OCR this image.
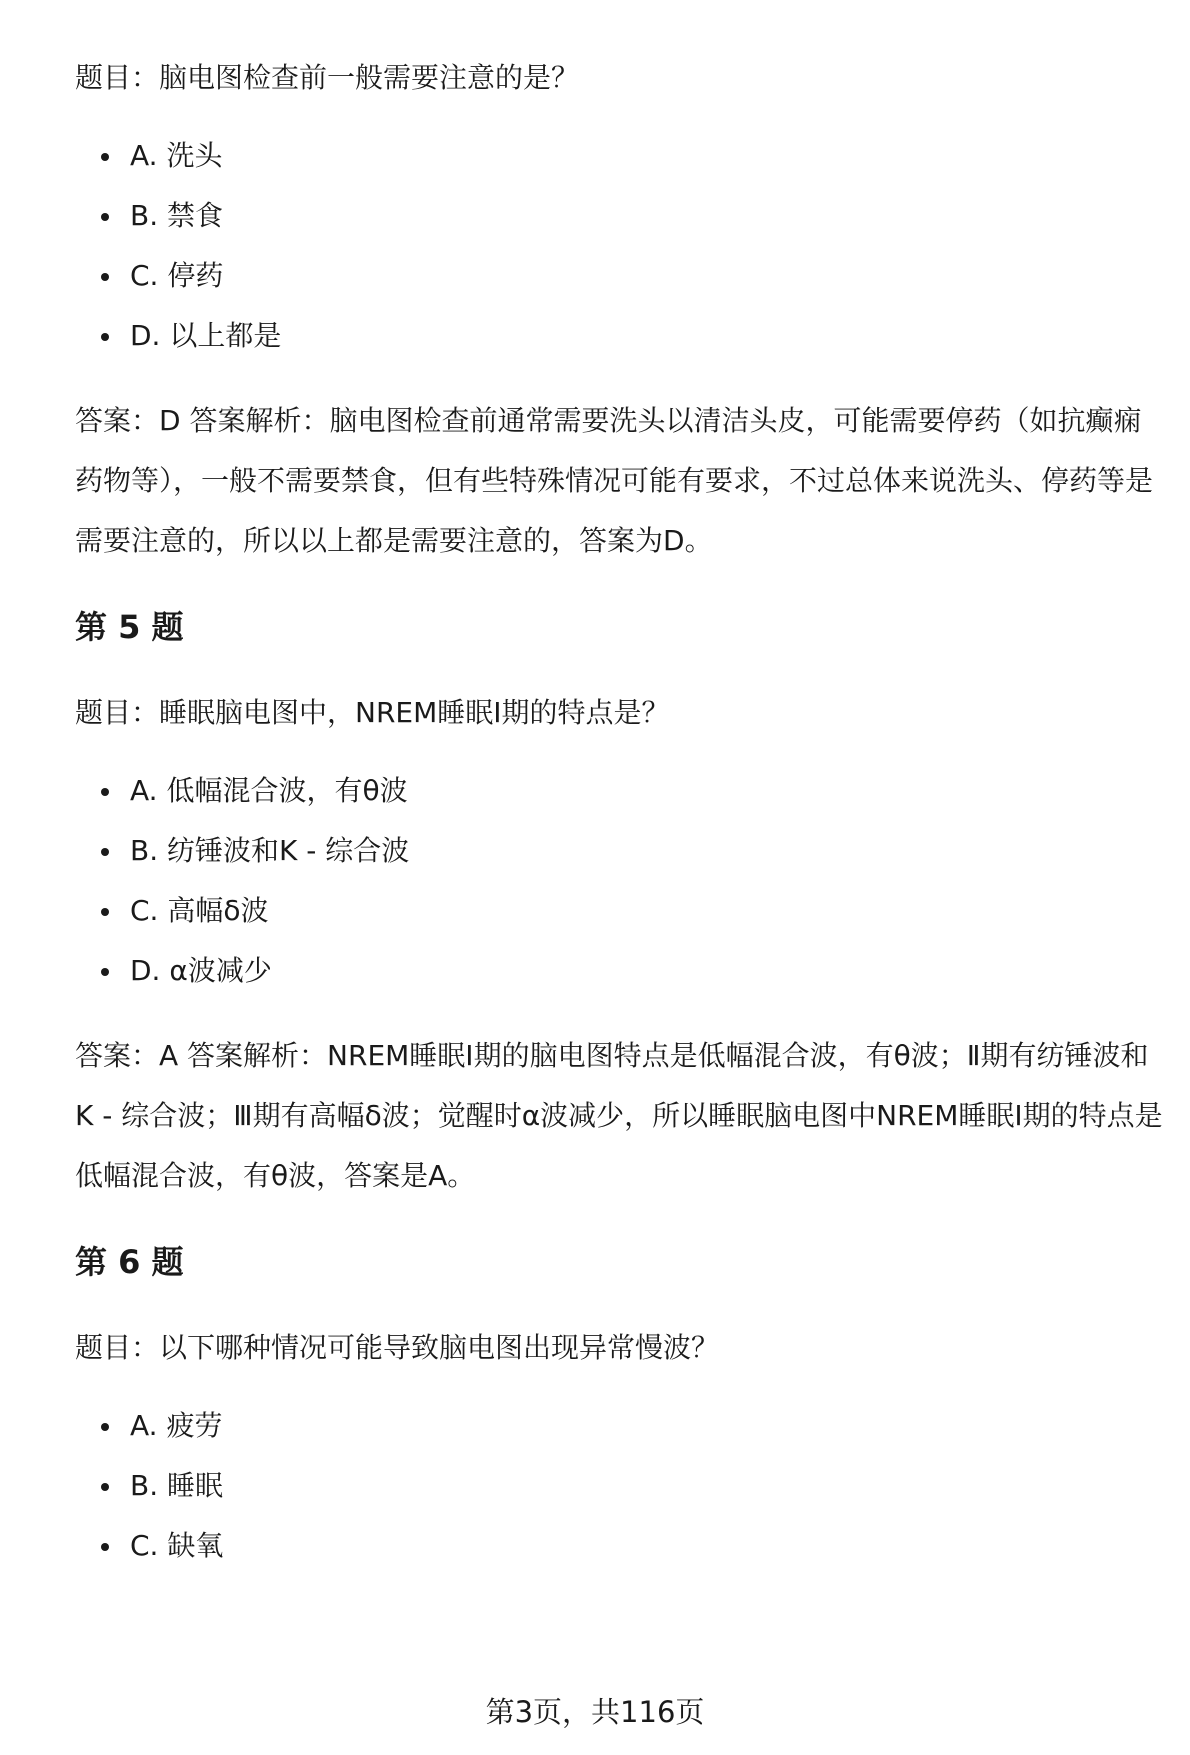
题目：脑电图检查前一般需要注意的是？

A. 洗头
B. 禁食
C. 停药
D. 以上都是

答案：D 答案解析：脑电图检查前通常需要洗头以清洁头皮，可能需要停药（如抗癫痫药物等），一般不需要禁食，但有些特殊情况可能有要求，不过总体来说洗头、停药等是需要注意的，所以以上都是需要注意的，答案为D。

第 5 题

题目：睡眠脑电图中，NREM睡眠Ⅰ期的特点是？

A. 低幅混合波，有θ波
B. 纺锤波和K - 综合波
C. 高幅δ波
D. α波减少

答案：A 答案解析：NREM睡眠Ⅰ期的脑电图特点是低幅混合波，有θ波；Ⅱ期有纺锤波和K - 综合波；Ⅲ期有高幅δ波；觉醒时α波减少，所以睡眠脑电图中NREM睡眠Ⅰ期的特点是低幅混合波，有θ波，答案是A。

第 6 题

题目：以下哪种情况可能导致脑电图出现异常慢波？

A. 疲劳
B. 睡眠
C. 缺氧
第3页，共116页
